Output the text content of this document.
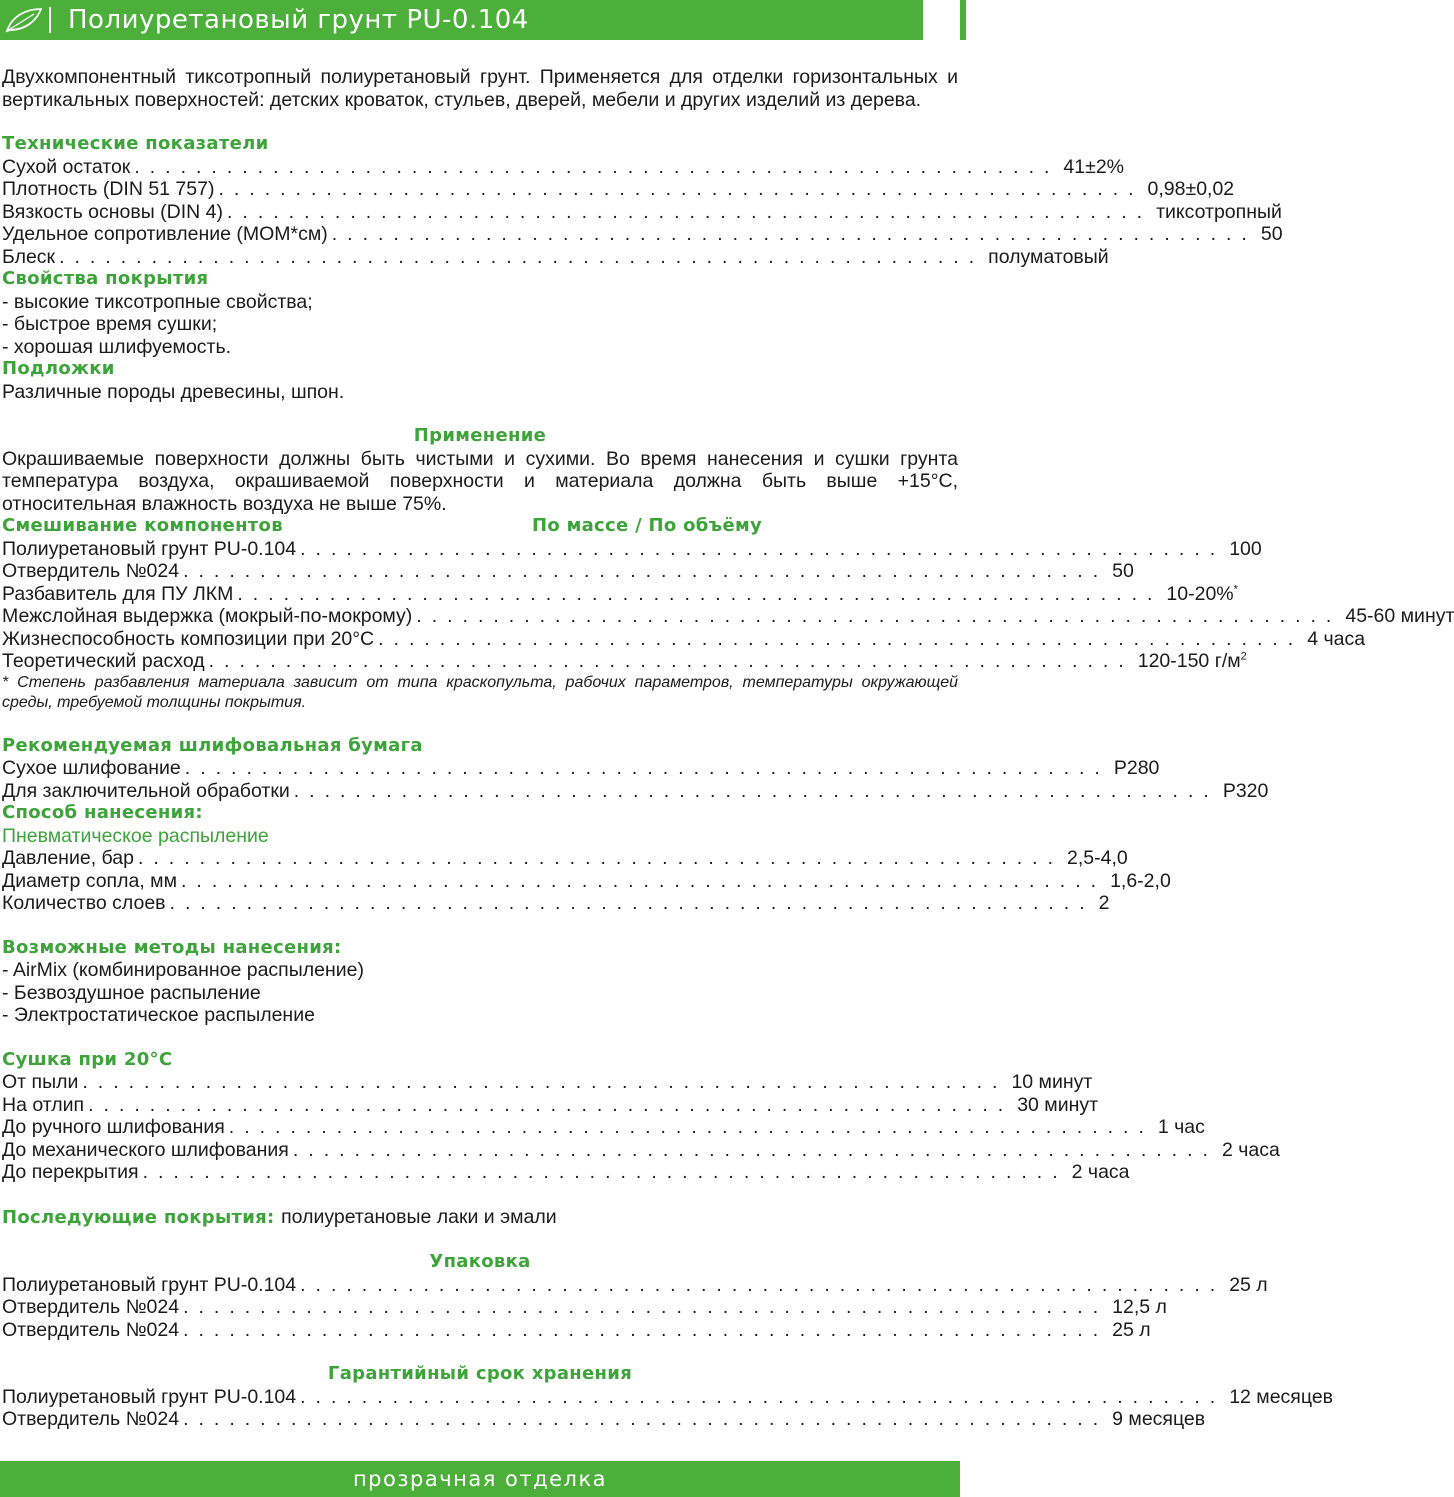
Полиуретановый грунт PU-0.104

Двухкомпонентный тиксотропный полиуретановый грунт. Применяется для отделки горизонтальных и вертикальных поверхностей: детских кроваток, стульев, дверей, мебели и других изделий из дерева.

Технические показатели

Сухой остаток ............................................................ 41±2%
Плотность (DIN 51 757) ............................................................ 0,98±0,02
Вязкость основы (DIN 4) ............................................................ тиксотропный
Удельное сопротивление (МОМ*см) ............................................................ 50
Блеск ............................................................ полуматовый

Свойства покрытия

- высокие тиксотропные свойства;

- быстрое время сушки;

- хорошая шлифуемость.

Подложки

Различные породы древесины, шпон.

Применение

Окрашиваемые поверхности должны быть чистыми и сухими. Во время нанесения и сушки грунта температура воздуха, окрашиваемой поверхности и материала должна быть выше +15°С, относительная влажность воздуха не выше 75%.

Смешивание компонентов	По массе / По объёму

Полиуретановый грунт PU-0.104 ............................................................ 100
Отвердитель №024 ............................................................ 50
Разбавитель для ПУ ЛКМ ............................................................ 10-20%*
Межслойная выдержка (мокрый-по-мокрому) ............................................................ 45-60 минут
Жизнеспособность композиции при 20°С ............................................................ 4 часа
Теоретический расход ............................................................ 120-150 $г/м^2$

* Степень разбавления материала зависит от типа краскопульта, рабочих параметров, температуры окружающей среды, требуемой толщины покрытия.

Рекомендуемая шлифовальная бумага

Сухое шлифование ............................................................ P280
Для заключительной обработки ............................................................ P320

Способ нанесения:

Пневматическое распыление

Давление, бар ............................................................ 2,5-4,0
Диаметр сопла, мм ............................................................ 1,6-2,0
Количество слоев ............................................................ 2

Возможные методы нанесения:

- AirMix (комбинированное распыление)

- Безвоздушное распыление

- Электростатическое распыление

Сушка при 20°С

От пыли ............................................................ 10 минут
На отлип ............................................................ 30 минут
До ручного шлифования ............................................................ 1 час
До механического шлифования ............................................................ 2 часа
До перекрытия ............................................................ 2 часа

Последующие покрытия: полиуретановые лаки и эмали

Упаковка

Полиуретановый грунт PU-0.104 ............................................................ 25 л
Отвердитель №024 ............................................................ 12,5 л
Отвердитель №024 ............................................................ 25 л

Гарантийный срок хранения

Полиуретановый грунт PU-0.104 ............................................................ 12 месяцев
Отвердитель №024 ............................................................ 9 месяцев
прозрачная отделка
